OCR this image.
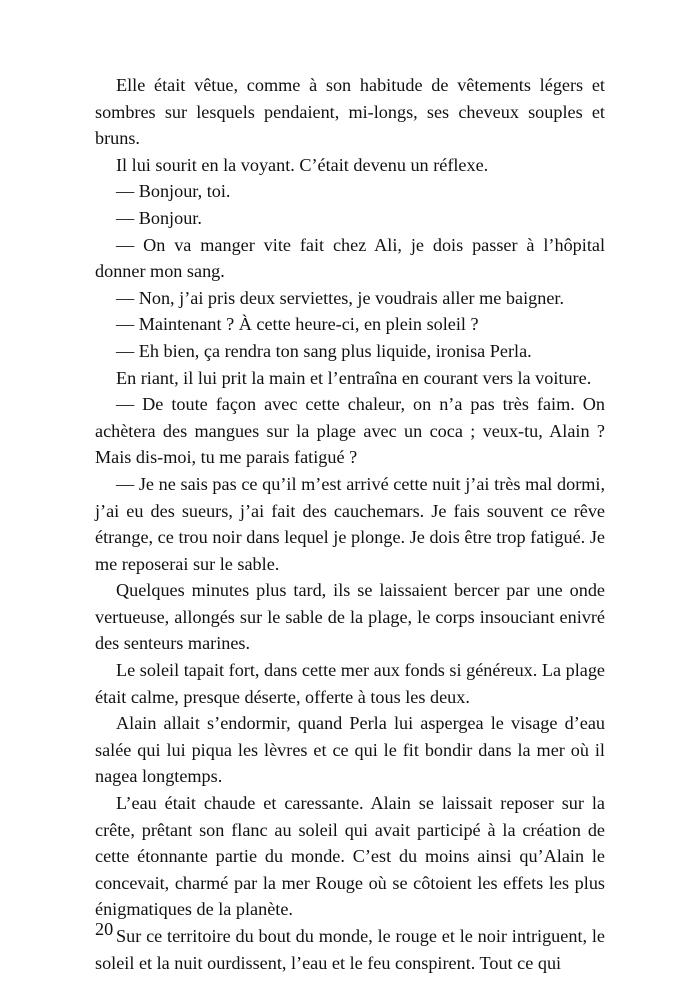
Elle était vêtue, comme à son habitude de vêtements légers et sombres sur lesquels pendaient, mi-longs, ses cheveux souples et bruns.

Il lui sourit en la voyant. C’était devenu un réflexe.

— Bonjour, toi.

— Bonjour.

— On va manger vite fait chez Ali, je dois passer à l’hôpital donner mon sang.

— Non, j’ai pris deux serviettes, je voudrais aller me baigner.

— Maintenant ? À cette heure-ci, en plein soleil ?

— Eh bien, ça rendra ton sang plus liquide, ironisa Perla.

En riant, il lui prit la main et l’entraîna en courant vers la voiture.

— De toute façon avec cette chaleur, on n’a pas très faim. On achètera des mangues sur la plage avec un coca ; veux-tu, Alain ? Mais dis-moi, tu me parais fatigué ?

— Je ne sais pas ce qu’il m’est arrivé cette nuit j’ai très mal dormi, j’ai eu des sueurs, j’ai fait des cauchemars. Je fais souvent ce rêve étrange, ce trou noir dans lequel je plonge. Je dois être trop fatigué. Je me reposerai sur le sable.

Quelques minutes plus tard, ils se laissaient bercer par une onde vertueuse, allongés sur le sable de la plage, le corps insouciant enivré des senteurs marines.

Le soleil tapait fort, dans cette mer aux fonds si généreux. La plage était calme, presque déserte, offerte à tous les deux.

Alain allait s’endormir, quand Perla lui aspergea le visage d’eau salée qui lui piqua les lèvres et ce qui le fit bondir dans la mer où il nagea longtemps.

L’eau était chaude et caressante. Alain se laissait reposer sur la crête, prêtant son flanc au soleil qui avait participé à la création de cette étonnante partie du monde. C’est du moins ainsi qu’Alain le concevait, charmé par la mer Rouge où se côtoient les effets les plus énigmatiques de la planète.

Sur ce territoire du bout du monde, le rouge et le noir intriguent, le soleil et la nuit ourdissent, l’eau et le feu conspirent. Tout ce qui

20
